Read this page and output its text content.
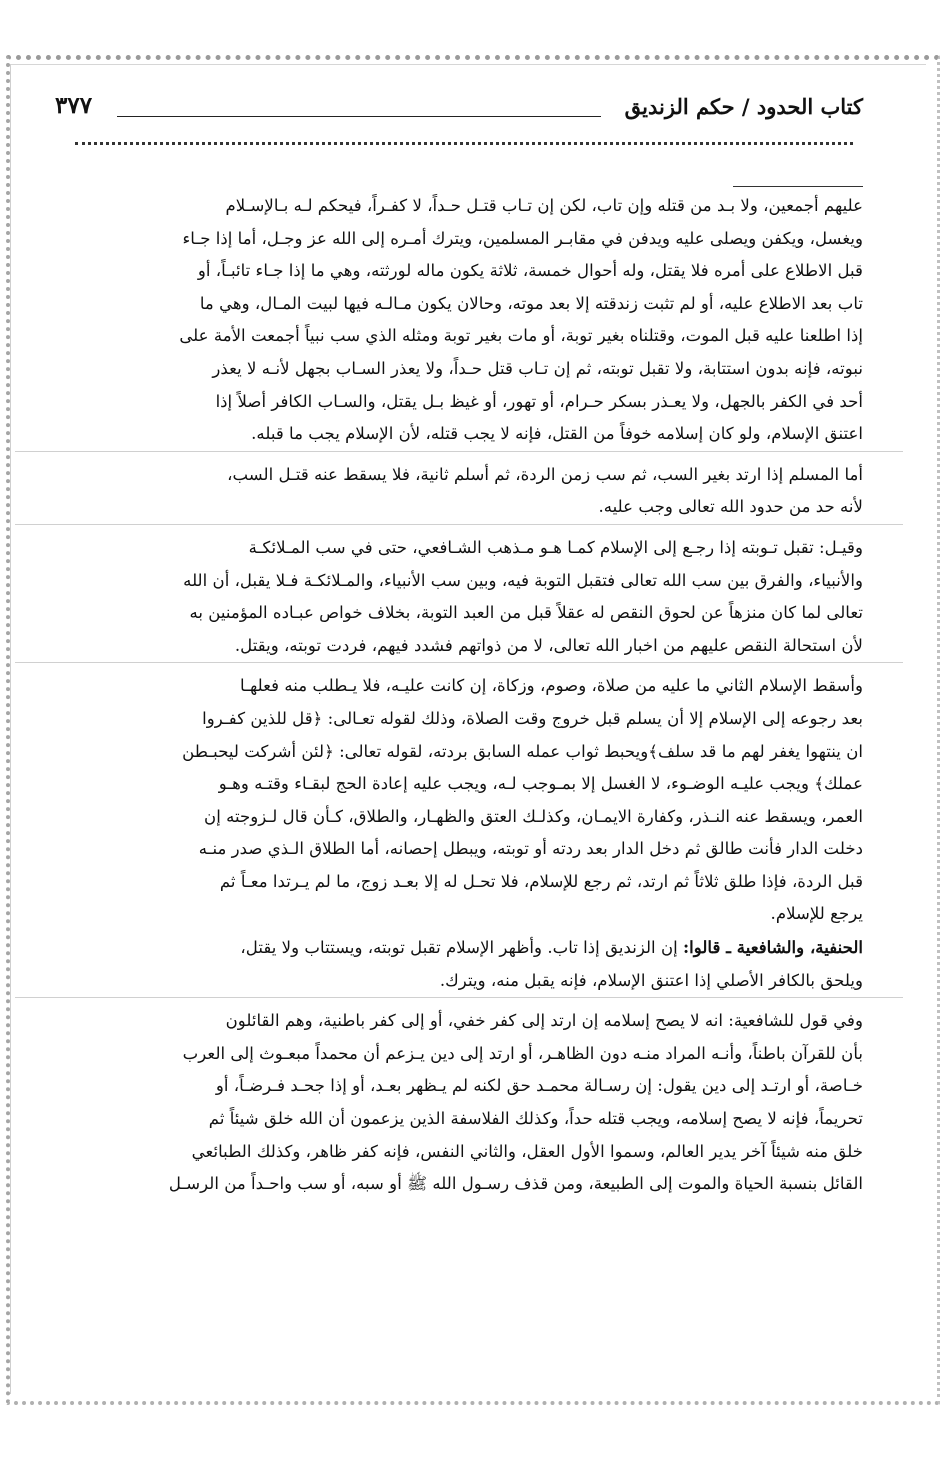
كتاب الحدود / حكم الزنديق
٣٧٧
عليهم أجمعين، ولا بـد من قتله وإن تاب، لكن إن تـاب قتـل حـداً، لا كفـراً، فيحكم لـه بـالإسـلام
ويغسل، ويكفن ويصلى عليه ويدفن في مقابـر المسلمين، ويترك أمـره إلى الله عز وجـل، أما إذا جـاء
قبل الاطلاع على أمره فلا يقتل، وله أحوال خمسة، ثلاثة يكون ماله لورثته، وهي ما إذا جـاء تائبـاً، أو
تاب بعد الاطلاع عليه، أو لم تثبت زندقته إلا بعد موته، وحالان يكون مـالـه فيها لبيت المـال، وهي ما
إذا اطلعنا عليه قبل الموت، وقتلناه بغير توبة، أو مات بغير توبة ومثله الذي سب نبياً أجمعت الأمة على
نبوته، فإنه بدون استتابة، ولا تقبل توبته، ثم إن تـاب قتل حـداً، ولا يعذر السـاب بجهل لأنـه لا يعذر
أحد في الكفر بالجهل، ولا يعـذر بسكر حـرام، أو تهور، أو غيظ بـل يقتل، والسـاب الكافر أصلاً إذا
اعتنق الإسلام، ولو كان إسلامه خوفاً من القتل، فإنه لا يجب قتله، لأن الإسلام يجب ما قبله.
أما المسلم إذا ارتد بغير السب، ثم سب زمن الردة، ثم أسلم ثانية، فلا يسقط عنه قتـل السب،
لأنه حد من حدود الله تعالى وجب عليه.
وقيـل: تقبل تـوبته إذا رجـع إلى الإسلام كمـا هـو مـذهب الشـافعي، حتى في سب المـلائكـة
والأنبياء، والفرق بين سب الله تعالى فتقبل التوبة فيه، وبين سب الأنبياء، والمـلائكـة فـلا يقبل، أن الله
تعالى لما كان منزهاً عن لحوق النقص له عقلاً قبل من العبد التوبة، بخلاف خواص عبـاده المؤمنين به
لأن استحالة النقص عليهم من اخبار الله تعالى، لا من ذواتهم فشدد فيهم، فردت توبته، ويقتل.
وأسقط الإسلام الثاني ما عليه من صلاة، وصوم، وزكاة، إن كانت عليـه، فلا يـطلب منه فعلهـا
بعد رجوعه إلى الإسلام إلا أن يسلم قبل خروج وقت الصلاة، وذلك لقوله تعـالى: ﴿قل للذين كفـروا
ان ينتهوا يغفر لهم ما قد سلف﴾ويحبط ثواب عمله السابق بردته، لقوله تعالى: ﴿لئن أشركت ليحبـطن
عملك﴾ ويجب عليـه الوضـوء، لا الغسل إلا بمـوجب لـه، ويجب عليه إعادة الحج لبقـاء وقتـه وهـو
العمر، ويسقط عنه النـذر، وكفارة الايمـان، وكذلـك العتق والظهـار، والطلاق، كـأن قال لـزوجته إن
دخلت الدار فأنت طالق ثم دخل الدار بعد ردته أو توبته، ويبطل إحصانه، أما الطلاق الـذي صدر منـه
قبل الردة، فإذا طلق ثلاثاً ثم ارتد، ثم رجع للإسلام، فلا تحـل له إلا بعـد زوج، ما لم يـرتدا معـاً ثم
يرجع للإسلام.
الحنفية، والشافعية ـ قالوا: إن الزنديق إذا تاب. وأظهر الإسلام تقبل توبته، ويستتاب ولا يقتل،
ويلحق بالكافر الأصلي إذا اعتنق الإسلام، فإنه يقبل منه، ويترك.
وفي قول للشافعية: انه لا يصح إسلامه إن ارتد إلى كفر خفي، أو إلى كفر باطنية، وهم القائلون
بأن للقرآن باطناً، وأنـه المراد منـه دون الظاهـر، أو ارتد إلى دين يـزعم أن محمداً مبعـوث إلى العرب
خـاصة، أو ارتـد إلى دين يقول: إن رسـالة محمـد حق لكنه لم يـظهر بعـد، أو إذا جحـد فـرضـاً، أو
تحريماً، فإنه لا يصح إسلامه، ويجب قتله حداً، وكذلك الفلاسفة الذين يزعمون أن الله خلق شيئاً ثم
خلق منه شيئاً آخر يدير العالم، وسموا الأول العقل، والثاني النفس، فإنه كفر ظاهر، وكذلك الطبائعي
القائل بنسبة الحياة والموت إلى الطبيعة، ومن قذف رسـول الله ﷺ أو سبه، أو سب واحـداً من الرسـل
